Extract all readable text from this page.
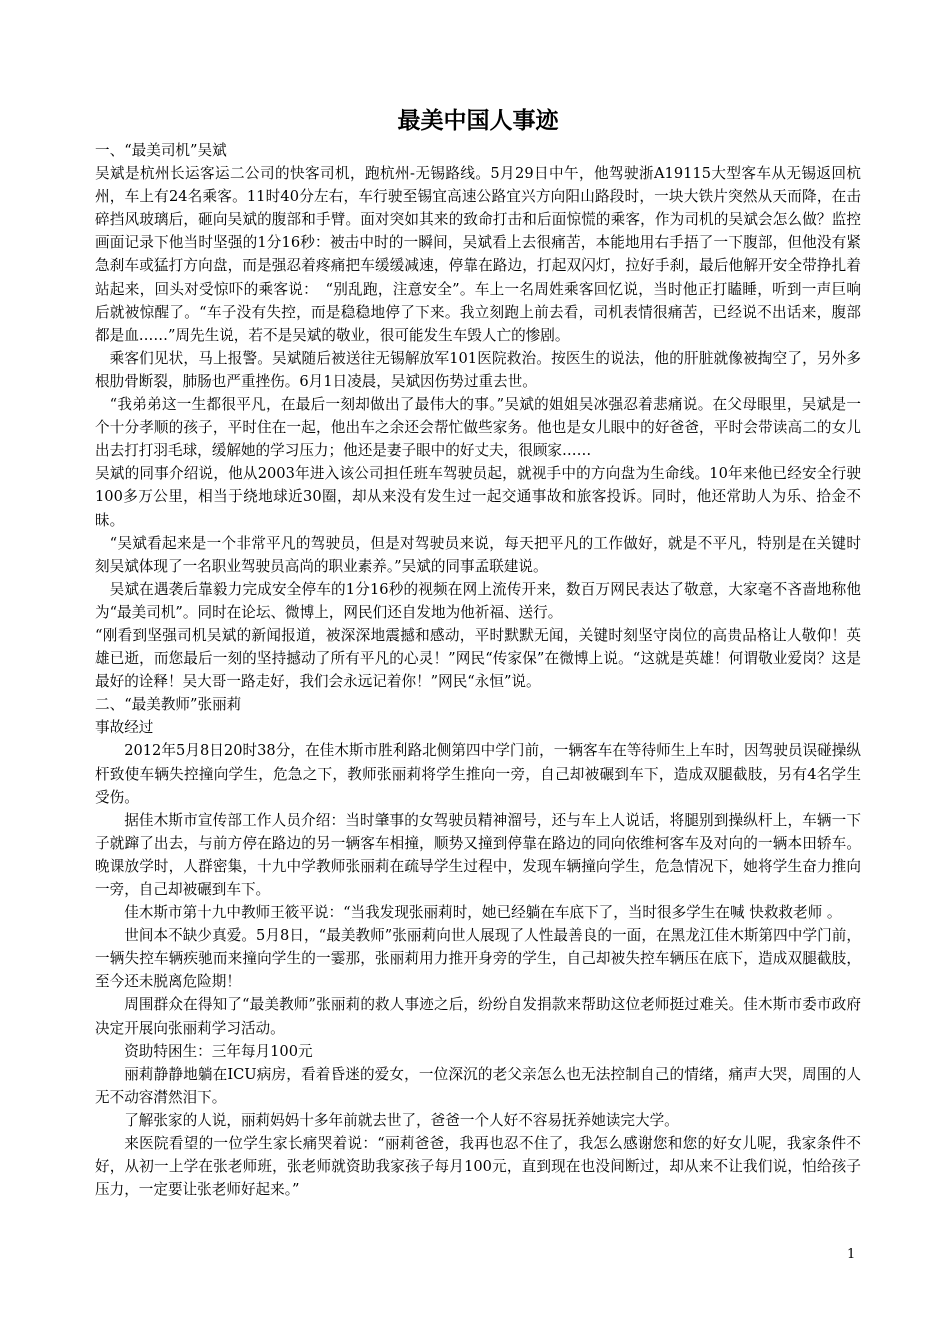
最美中国人事迹

一、“最美司机”吴斌

吴斌是杭州长运客运二公司的快客司机，跑杭州-无锡路线。5月29日中午，他驾驶浙A19115大型客车从无锡返回杭州，车上有24名乘客。11时40分左右，车行驶至锡宜高速公路宜兴方向阳山路段时，一块大铁片突然从天而降，在击碎挡风玻璃后，砸向吴斌的腹部和手臂。面对突如其来的致命打击和后面惊慌的乘客，作为司机的吴斌会怎么做？监控画面记录下他当时坚强的1分16秒：被击中时的一瞬间，吴斌看上去很痛苦，本能地用右手捂了一下腹部，但他没有紧急刹车或猛打方向盘，而是强忍着疼痛把车缓缓减速，停靠在路边，打起双闪灯，拉好手刹，最后他解开安全带挣扎着站起来，回头对受惊吓的乘客说：　“别乱跑，注意安全”。车上一名周姓乘客回忆说，当时他正打瞌睡，听到一声巨响后就被惊醒了。“车子没有失控，而是稳稳地停了下来。我立刻跑上前去看，司机表情很痛苦，已经说不出话来，腹部都是血……”周先生说，若不是吴斌的敬业，很可能发生车毁人亡的惨剧。

乘客们见状，马上报警。吴斌随后被送往无锡解放军101医院救治。按医生的说法，他的肝脏就像被掏空了，另外多根肋骨断裂，肺肠也严重挫伤。6月1日凌晨，吴斌因伤势过重去世。

“我弟弟这一生都很平凡，在最后一刻却做出了最伟大的事。”吴斌的姐姐吴冰强忍着悲痛说。在父母眼里，吴斌是一个十分孝顺的孩子，平时住在一起，他出车之余还会帮忙做些家务。他也是女儿眼中的好爸爸，平时会带读高二的女儿出去打打羽毛球，缓解她的学习压力；他还是妻子眼中的好丈夫，很顾家……

吴斌的同事介绍说，他从2003年进入该公司担任班车驾驶员起，就视手中的方向盘为生命线。10年来他已经安全行驶100多万公里，相当于绕地球近30圈，却从来没有发生过一起交通事故和旅客投诉。同时，他还常助人为乐、拾金不昧。

“吴斌看起来是一个非常平凡的驾驶员，但是对驾驶员来说，每天把平凡的工作做好，就是不平凡，特别是在关键时刻吴斌体现了一名职业驾驶员高尚的职业素养。”吴斌的同事孟联建说。

吴斌在遇袭后靠毅力完成安全停车的1分16秒的视频在网上流传开来，数百万网民表达了敬意，大家毫不吝啬地称他为“最美司机”。同时在论坛、微博上，网民们还自发地为他祈福、送行。

“刚看到坚强司机吴斌的新闻报道，被深深地震撼和感动，平时默默无闻，关键时刻坚守岗位的高贵品格让人敬仰！英雄已逝，而您最后一刻的坚持撼动了所有平凡的心灵！”网民“传家保”在微博上说。“这就是英雄！何谓敬业爱岗？这是最好的诠释！吴大哥一路走好，我们会永远记着你！”网民“永恒”说。

二、“最美教师”张丽莉

事故经过

2012年5月8日20时38分，在佳木斯市胜利路北侧第四中学门前，一辆客车在等待师生上车时，因驾驶员误碰操纵杆致使车辆失控撞向学生，危急之下，教师张丽莉将学生推向一旁，自己却被碾到车下，造成双腿截肢，另有4名学生受伤。

据佳木斯市宣传部工作人员介绍：当时肇事的女驾驶员精神溜号，还与车上人说话，将腿别到操纵杆上，车辆一下子就蹿了出去，与前方停在路边的另一辆客车相撞，顺势又撞到停靠在路边的同向依维柯客车及对向的一辆本田轿车。晚课放学时，人群密集，十九中学教师张丽莉在疏导学生过程中，发现车辆撞向学生，危急情况下，她将学生奋力推向一旁，自己却被碾到车下。

佳木斯市第十九中教师王筱平说：“当我发现张丽莉时，她已经躺在车底下了，当时很多学生在喊 快救救老师 。

世间本不缺少真爱。5月8日，“最美教师”张丽莉向世人展现了人性最善良的一面，在黑龙江佳木斯第四中学门前，一辆失控车辆疾驰而来撞向学生的一霎那，张丽莉用力推开身旁的学生，自己却被失控车辆压在底下，造成双腿截肢，至今还未脱离危险期！

周围群众在得知了“最美教师”张丽莉的救人事迹之后，纷纷自发捐款来帮助这位老师挺过难关。佳木斯市委市政府决定开展向张丽莉学习活动。

资助特困生：三年每月100元

丽莉静静地躺在ICU病房，看着昏迷的爱女，一位深沉的老父亲怎么也无法控制自己的情绪，痛声大哭，周围的人无不动容潸然泪下。

了解张家的人说，丽莉妈妈十多年前就去世了，爸爸一个人好不容易抚养她读完大学。

来医院看望的一位学生家长痛哭着说：“丽莉爸爸，我再也忍不住了，我怎么感谢您和您的好女儿呢，我家条件不好，从初一上学在张老师班，张老师就资助我家孩子每月100元，直到现在也没间断过，却从来不让我们说，怕给孩子压力，一定要让张老师好起来。”

1
